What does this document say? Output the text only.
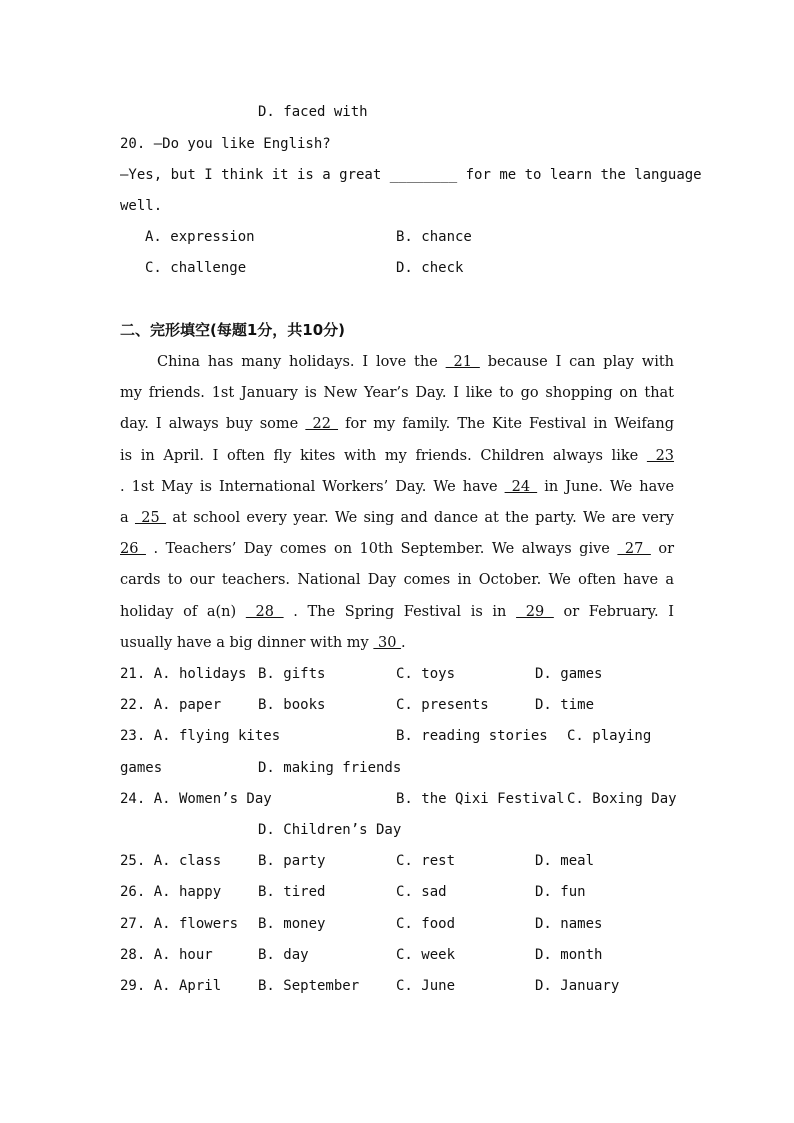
D. faced with
20. —Do you like English?
—Yes, but I think it is a great ________ for me to learn the language
well.
A. expression	B. chance
C. challenge	D. check
二、完形填空(每题1分，共10分)
China has many holidays. I love the  21  because I can play with
my friends. 1st January is New Year’s Day. I like to go shopping on that
day. I always buy some  22  for my family. The Kite Festival in Weifang
is in April. I often fly kites with my friends. Children always like  23
. 1st May is International Workers’ Day. We have  24  in June. We have
a  25  at school every year. We sing and dance at the party. We are very
26  . Teachers’ Day comes on 10th September. We always give  27  or
cards to our teachers. National Day comes in October. We often have a
holiday of a(n)  28  . The Spring Festival is in  29  or February. I
usually have a big dinner with my  30 .
21. A. holidays B. gifts	C. toys	D. games
22. A. paper	B. books	C. presents	D. time
23. A. flying kites	B. reading stories C. playing
games	D. making friends
24. A. Women’s Day	B. the Qixi Festival C. Boxing Day
D. Children’s Day
25. A. class	B. party	C. rest	D. meal
26. A. happy	B. tired	C. sad	D. fun
27. A. flowers B. money	C. food	D. names
28. A. hour	B. day	C. week	D. month
29. A. April	B. September	C. June	D. January
